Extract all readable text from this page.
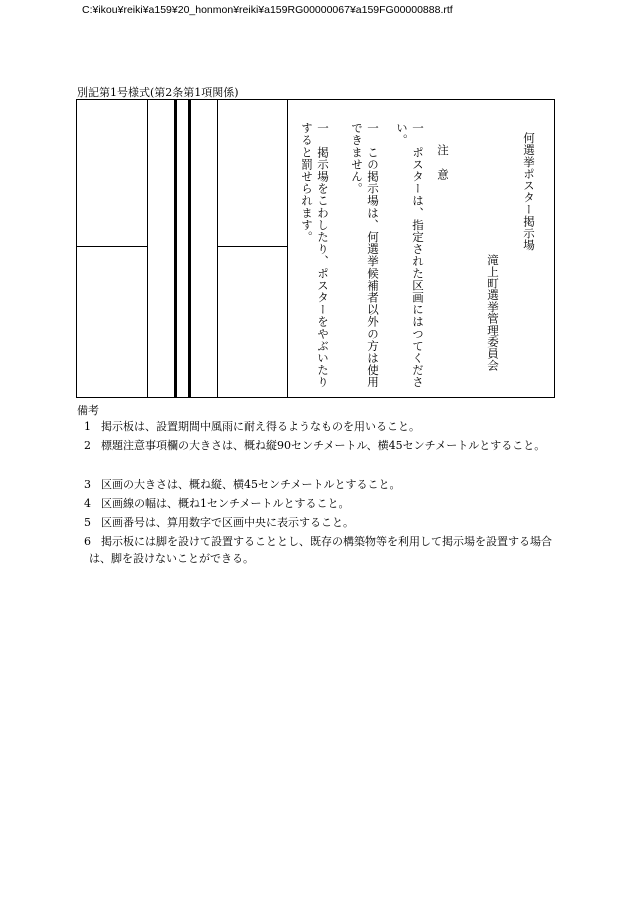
C:¥ikou¥reiki¥a159¥20_honmon¥reiki¥a159RG00000067¥a159FG00000888.rtf
別記第1号様式(第2条第1項関係)
何選挙ポスター掲示場
滝上町選挙管理委員会
注　意
一　ポスターは、指定された区画にはつてくださ
い。
一　この掲示場は、何選挙候補者以外の方は使用
できません。
一　掲示場をこわしたり、ポスターをやぶいたり
すると罰せられます。
備考
1 掲示板は、設置期間中風雨に耐え得るようなものを用いること。
2 標題注意事項欄の大きさは、概ね縦90センチメートル、横45センチメートルとすること。
3 区画の大きさは、概ね縦、横45センチメートルとすること。
4 区画線の幅は、概ね1センチメートルとすること。
5 区画番号は、算用数字で区画中央に表示すること。
6 掲示板には脚を設けて設置することとし、既存の構築物等を利用して掲示場を設置する場合は、脚を設けないことができる。
